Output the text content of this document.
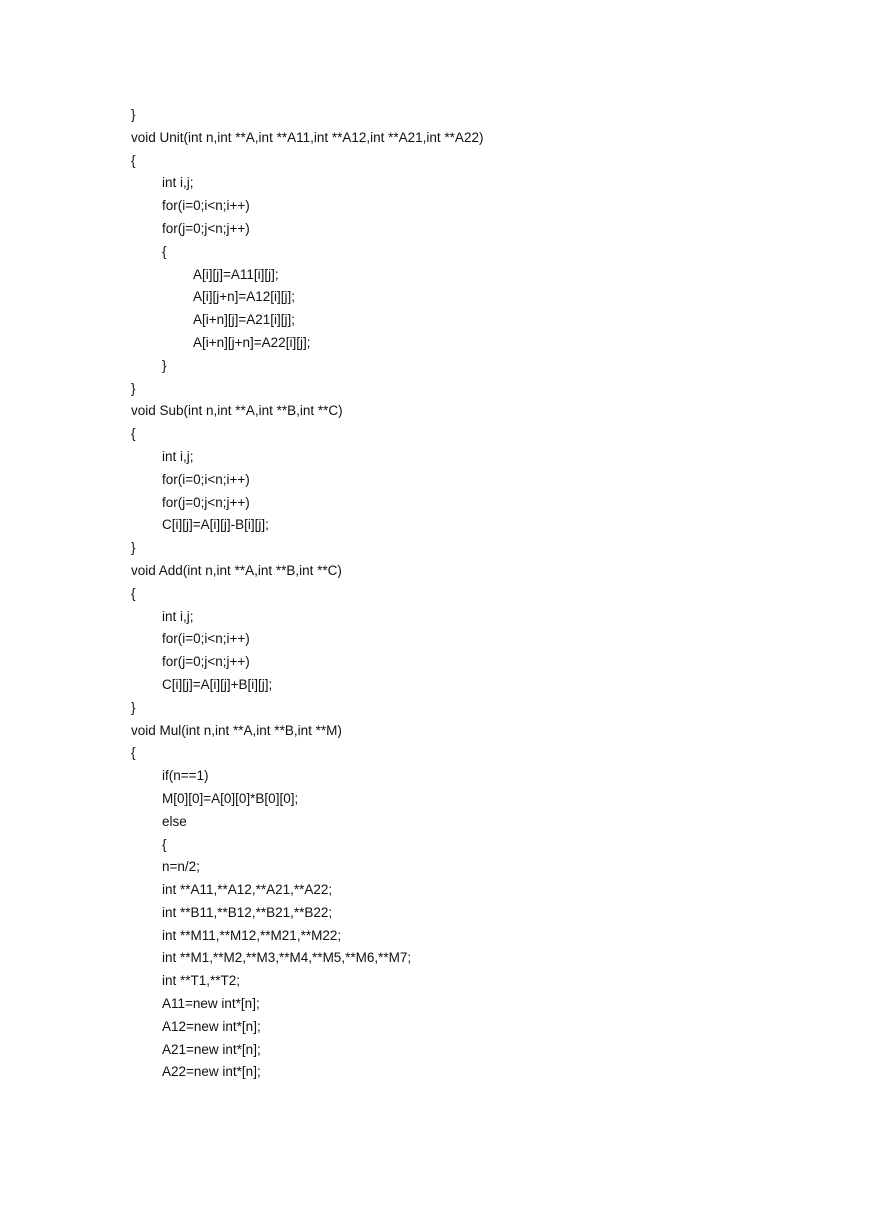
}
void Unit(int n,int **A,int **A11,int **A12,int **A21,int **A22)
{
int i,j;
for(i=0;i<n;i++)
for(j=0;j<n;j++)
{
A[i][j]=A11[i][j];
A[i][j+n]=A12[i][j];
A[i+n][j]=A21[i][j];
A[i+n][j+n]=A22[i][j];
}
}
void Sub(int n,int **A,int **B,int **C)
{
int i,j;
for(i=0;i<n;i++)
for(j=0;j<n;j++)
C[i][j]=A[i][j]-B[i][j];
}
void Add(int n,int **A,int **B,int **C)
{
int i,j;
for(i=0;i<n;i++)
for(j=0;j<n;j++)
C[i][j]=A[i][j]+B[i][j];
}
void Mul(int n,int **A,int **B,int **M)
{
if(n==1)
M[0][0]=A[0][0]*B[0][0];
else
{
n=n/2;
int **A11,**A12,**A21,**A22;
int **B11,**B12,**B21,**B22;
int **M11,**M12,**M21,**M22;
int **M1,**M2,**M3,**M4,**M5,**M6,**M7;
int **T1,**T2;
A11=new int*[n];
A12=new int*[n];
A21=new int*[n];
A22=new int*[n];
